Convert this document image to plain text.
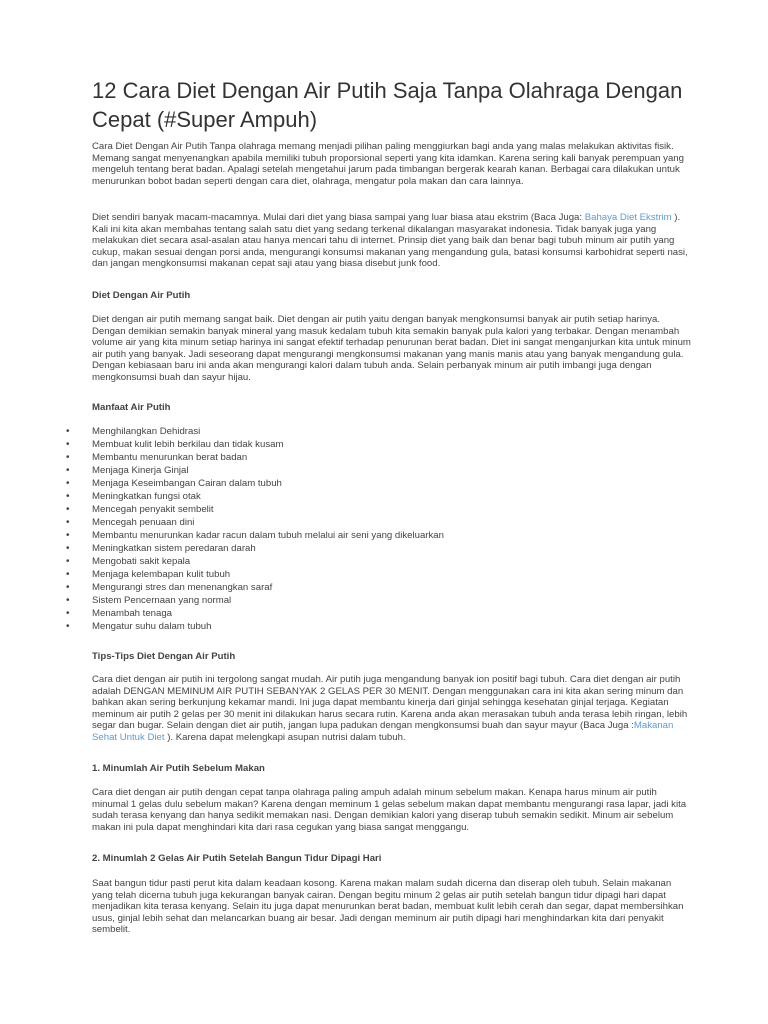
12 Cara Diet Dengan Air Putih Saja Tanpa Olahraga Dengan Cepat (#Super Ampuh)

Cara Diet Dengan Air Putih Tanpa olahraga memang menjadi pilihan paling menggiurkan bagi anda yang malas melakukan aktivitas fisik. Memang sangat menyenangkan apabila memiliki tubuh proporsional seperti yang kita idamkan. Karena sering kali banyak perempuan yang mengeluh tentang berat badan. Apalagi setelah mengetahui jarum pada timbangan bergerak kearah kanan. Berbagai cara dilakukan untuk menurunkan bobot badan seperti dengan cara diet, olahraga, mengatur pola makan dan cara lainnya.

Diet sendiri banyak macam-macamnya. Mulai dari diet yang biasa sampai yang luar biasa atau ekstrim (Baca Juga: Bahaya Diet Ekstrim ). Kali ini kita akan membahas tentang salah satu diet yang sedang terkenal dikalangan masyarakat indonesia. Tidak banyak juga yang melakukan diet secara asal-asalan atau hanya mencari tahu di internet. Prinsip diet yang baik dan benar bagi tubuh minum air putih yang cukup, makan sesuai dengan porsi anda, mengurangi konsumsi makanan yang mengandung gula, batasi konsumsi karbohidrat seperti nasi, dan jangan mengkonsumsi makanan cepat saji atau yang biasa disebut junk food.

Diet Dengan Air Putih

Diet dengan air putih memang sangat baik. Diet dengan air putih yaitu dengan banyak mengkonsumsi banyak air putih setiap harinya. Dengan demikian semakin banyak mineral yang masuk kedalam tubuh kita semakin banyak pula kalori yang terbakar. Dengan menambah volume air yang kita minum setiap harinya ini sangat efektif terhadap penurunan berat badan. Diet ini sangat menganjurkan kita untuk minum air putih yang banyak. Jadi seseorang dapat mengurangi mengkonsumsi makanan yang manis manis atau yang banyak mengandung gula. Dengan kebiasaan baru ini anda akan mengurangi kalori dalam tubuh anda. Selain perbanyak minum air putih imbangi juga dengan mengkonsumsi buah dan sayur hijau.

Manfaat Air Putih
• Menghilangkan Dehidrasi
• Membuat kulit lebih berkilau dan tidak kusam
• Membantu menurunkan berat badan
• Menjaga Kinerja Ginjal
• Menjaga Keseimbangan Cairan dalam tubuh
• Meningkatkan fungsi otak
• Mencegah penyakit sembelit
• Mencegah penuaan dini
• Membantu menurunkan kadar racun dalam tubuh melalui air seni yang dikeluarkan
• Meningkatkan sistem peredaran darah
• Mengobati sakit kepala
• Menjaga kelembapan kulit tubuh
• Mengurangi stres dan menenangkan saraf
• Sistem Pencernaan yang normal
• Menambah tenaga
• Mengatur suhu dalam tubuh
Tips-Tips Diet Dengan Air Putih

Cara diet dengan air putih ini tergolong sangat mudah. Air putih juga mengandung banyak ion positif bagi tubuh. Cara diet dengan air putih adalah DENGAN MEMINUM AIR PUTIH SEBANYAK 2 GELAS PER 30 MENIT. Dengan menggunakan cara ini kita akan sering minum dan bahkan akan sering berkunjung kekamar mandi. Ini juga dapat membantu kinerja dari ginjal sehingga kesehatan ginjal terjaga. Kegiatan meminum air putih 2 gelas per 30 menit ini dilakukan harus secara rutin. Karena anda akan merasakan tubuh anda terasa lebih ringan, lebih segar dan bugar. Selain dengan diet air putih, jangan lupa padukan dengan mengkonsumsi buah dan sayur mayur (Baca Juga :Makanan Sehat Untuk Diet ). Karena dapat melengkapi asupan nutrisi dalam tubuh.

1. Minumlah Air Putih Sebelum Makan

Cara diet dengan air putih dengan cepat tanpa olahraga paling ampuh adalah minum sebelum makan. Kenapa harus minum air putih minumal 1 gelas dulu sebelum makan? Karena dengan meminum 1 gelas sebelum makan dapat membantu mengurangi rasa lapar, jadi kita sudah terasa kenyang dan hanya sedikit memakan nasi. Dengan demikian kalori yang diserap tubuh semakin sedikit. Minum air sebelum makan ini pula dapat menghindari kita dari rasa cegukan yang biasa sangat menggangu.

2. Minumlah 2 Gelas Air Putih Setelah Bangun Tidur Dipagi Hari

Saat bangun tidur pasti perut kita dalam keadaan kosong. Karena makan malam sudah dicerna dan diserap oleh tubuh. Selain makanan yang telah dicerna tubuh juga kekurangan banyak cairan. Dengan begitu minum 2 gelas air putih setelah bangun tidur dipagi hari dapat menjadikan kita terasa kenyang. Selain itu juga dapat menurunkan berat badan, membuat kulit lebih cerah dan segar, dapat membersihkan usus, ginjal lebih sehat dan melancarkan buang air besar. Jadi dengan meminum air putih dipagi hari menghindarkan kita dari penyakit sembelit.
